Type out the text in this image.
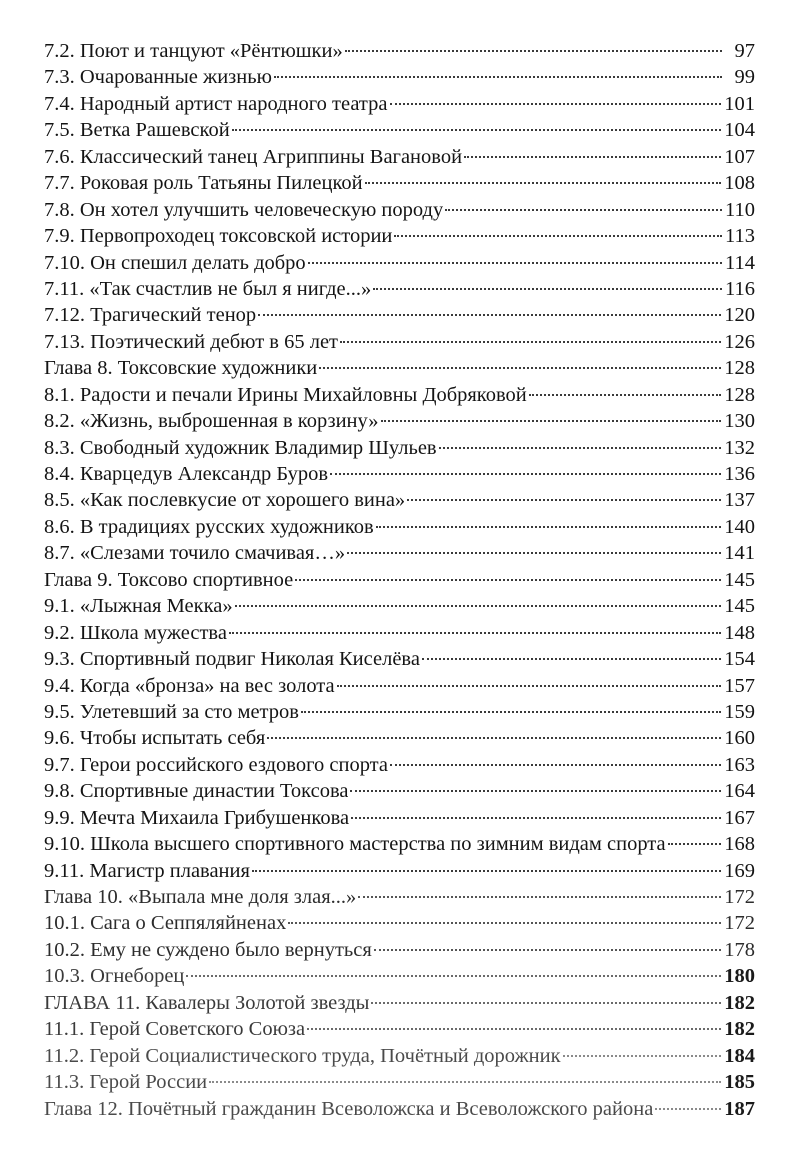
7.2. Поют и танцуют «Рёнтюшки»	97
7.3. Очарованные жизнью	99
7.4. Народный артист народного театра	101
7.5. Ветка Рашевской	104
7.6. Классический танец Агриппины Вагановой	107
7.7. Роковая роль Татьяны Пилецкой	108
7.8. Он хотел улучшить человеческую породу	110
7.9. Первопроходец токсовской истории	113
7.10. Он спешил делать добро	114
7.11. «Так счастлив не был я нигде...»	116
7.12. Трагический тенор	120
7.13. Поэтический дебют в 65 лет	126
Глава 8. Токсовские художники	128
8.1. Радости и печали Ирины Михайловны Добряковой	128
8.2. «Жизнь, выброшенная в корзину»	130
8.3. Свободный художник Владимир Шульев	132
8.4. Кварцедув Александр Буров	136
8.5. «Как послевкусие от хорошего вина»	137
8.6. В традициях русских художников	140
8.7. «Слезами точило смачивая…»	141
Глава 9. Токсово спортивное	145
9.1. «Лыжная Мекка»	145
9.2. Школа мужества	148
9.3. Спортивный подвиг Николая Киселёва	154
9.4. Когда «бронза» на вес золота	157
9.5. Улетевший за сто метров	159
9.6. Чтобы испытать себя	160
9.7. Герои российского ездового спорта	163
9.8. Спортивные династии Токсова	164
9.9. Мечта Михаила Грибушенкова	167
9.10. Школа высшего спортивного мастерства по зимним видам спорта	168
9.11. Магистр плавания	169
Глава 10. «Выпала мне доля злая...»	172
10.1. Сага о Сеппяляйненах	172
10.2. Ему не суждено было вернуться	178
10.3. Огнеборец	180
ГЛАВА 11. Кавалеры Золотой звезды	182
11.1. Герой Советского Союза	182
11.2. Герой Социалистического труда, Почётный дорожник	184
11.3. Герой России	185
Глава 12. Почётный гражданин Всеволожска и Всеволожского района	187
